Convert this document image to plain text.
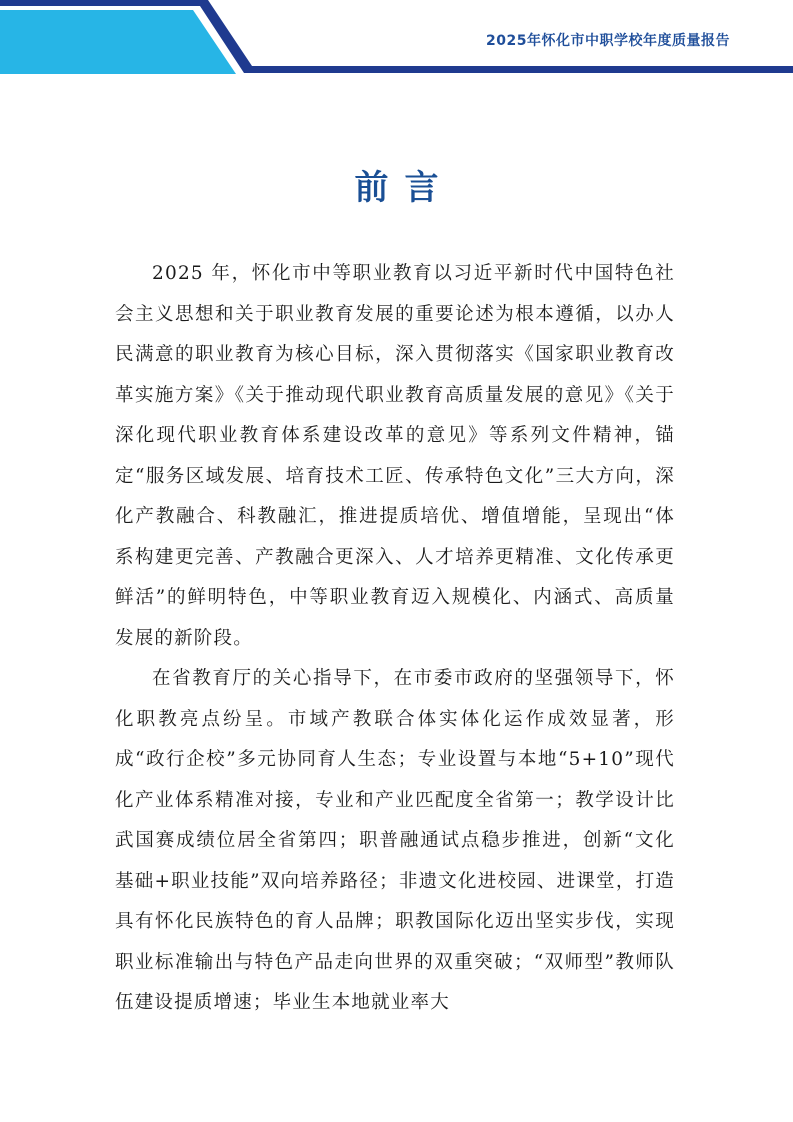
2025年怀化市中职学校年度质量报告
前言

2025 年，怀化市中等职业教育以习近平新时代中国特色社会主义思想和关于职业教育发展的重要论述为根本遵循，以办人民满意的职业教育为核心目标，深入贯彻落实《国家职业教育改革实施方案》《关于推动现代职业教育高质量发展的意见》《关于深化现代职业教育体系建设改革的意见》等系列文件精神，锚定“服务区域发展、培育技术工匠、传承特色文化”三大方向，深化产教融合、科教融汇，推进提质培优、增值增能，呈现出“体系构建更完善、产教融合更深入、人才培养更精准、文化传承更鲜活”的鲜明特色，中等职业教育迈入规模化、内涵式、高质量发展的新阶段。

在省教育厅的关心指导下，在市委市政府的坚强领导下，怀化职教亮点纷呈。市域产教联合体实体化运作成效显著，形成“政行企校”多元协同育人生态；专业设置与本地“5+10”现代化产业体系精准对接，专业和产业匹配度全省第一；教学设计比武国赛成绩位居全省第四；职普融通试点稳步推进，创新“文化基础+职业技能”双向培养路径；非遗文化进校园、进课堂，打造具有怀化民族特色的育人品牌；职教国际化迈出坚实步伐，实现职业标准输出与特色产品走向世界的双重突破；“双师型”教师队伍建设提质增速；毕业生本地就业率大
